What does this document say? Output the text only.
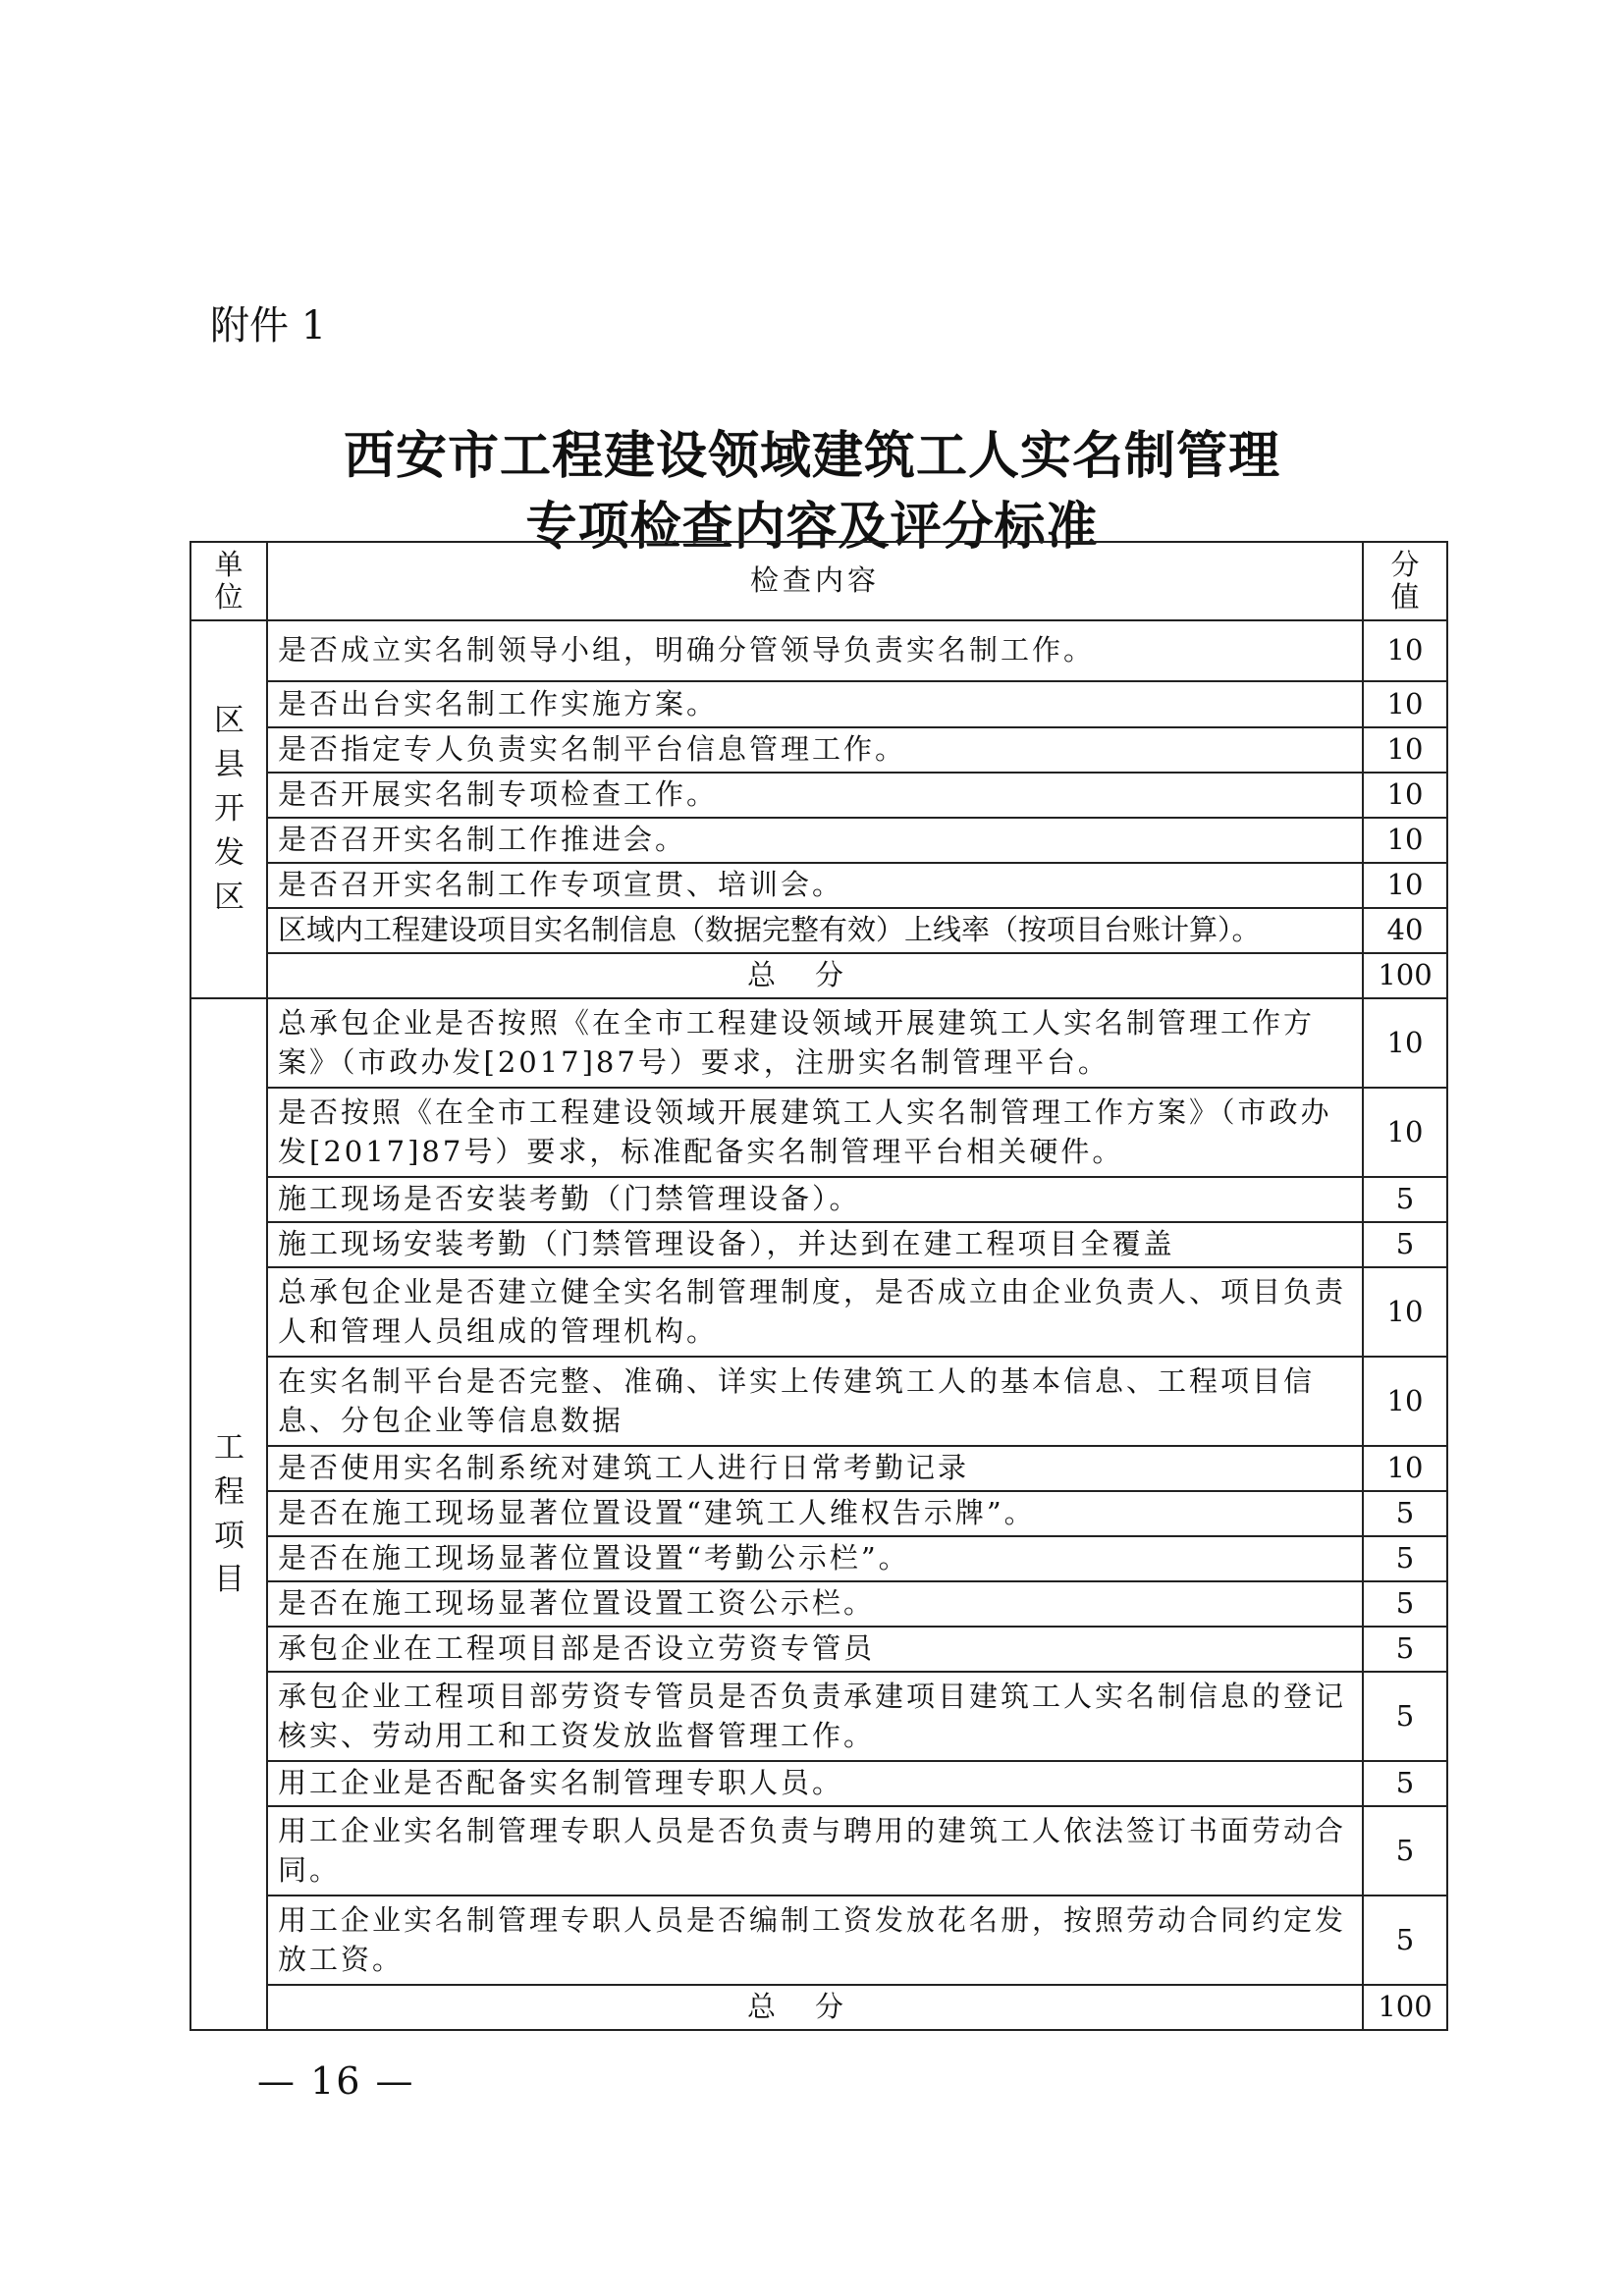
附件 1
西安市工程建设领域建筑工人实名制管理
专项检查内容及评分标准
单位	检查内容	分值

区县开发区	是否成立实名制领导小组，明确分管领导负责实名制工作。	10
	是否出台实名制工作实施方案。	10
	是否指定专人负责实名制平台信息管理工作。	10
	是否开展实名制专项检查工作。	10
	是否召开实名制工作推进会。	10
	是否召开实名制工作专项宣贯、培训会。	10
	区域内工程建设项目实名制信息（数据完整有效）上线率（按项目台账计算）。	40
	总分	100

工程项目	总承包企业是否按照《在全市工程建设领域开展建筑工人实名制管理工作方案》（市政办发[2017]87号）要求，注册实名制管理平台。	10
	是否按照《在全市工程建设领域开展建筑工人实名制管理工作方案》（市政办发[2017]87号）要求，标准配备实名制管理平台相关硬件。	10
	施工现场是否安装考勤（门禁管理设备）。	5
	施工现场安装考勤（门禁管理设备），并达到在建工程项目全覆盖	5
	总承包企业是否建立健全实名制管理制度，是否成立由企业负责人、项目负责人和管理人员组成的管理机构。	10
	在实名制平台是否完整、准确、详实上传建筑工人的基本信息、工程项目信息、分包企业等信息数据	10
	是否使用实名制系统对建筑工人进行日常考勤记录	10
	是否在施工现场显著位置设置“建筑工人维权告示牌”。	5
	是否在施工现场显著位置设置“考勤公示栏”。	5
	是否在施工现场显著位置设置工资公示栏。	5
	承包企业在工程项目部是否设立劳资专管员	5
	承包企业工程项目部劳资专管员是否负责承建项目建筑工人实名制信息的登记核实、劳动用工和工资发放监督管理工作。	5
	用工企业是否配备实名制管理专职人员。	5
	用工企业实名制管理专职人员是否负责与聘用的建筑工人依法签订书面劳动合同。	5
	用工企业实名制管理专职人员是否编制工资发放花名册，按照劳动合同约定发放工资。	5
	总分	100
— 16 —
